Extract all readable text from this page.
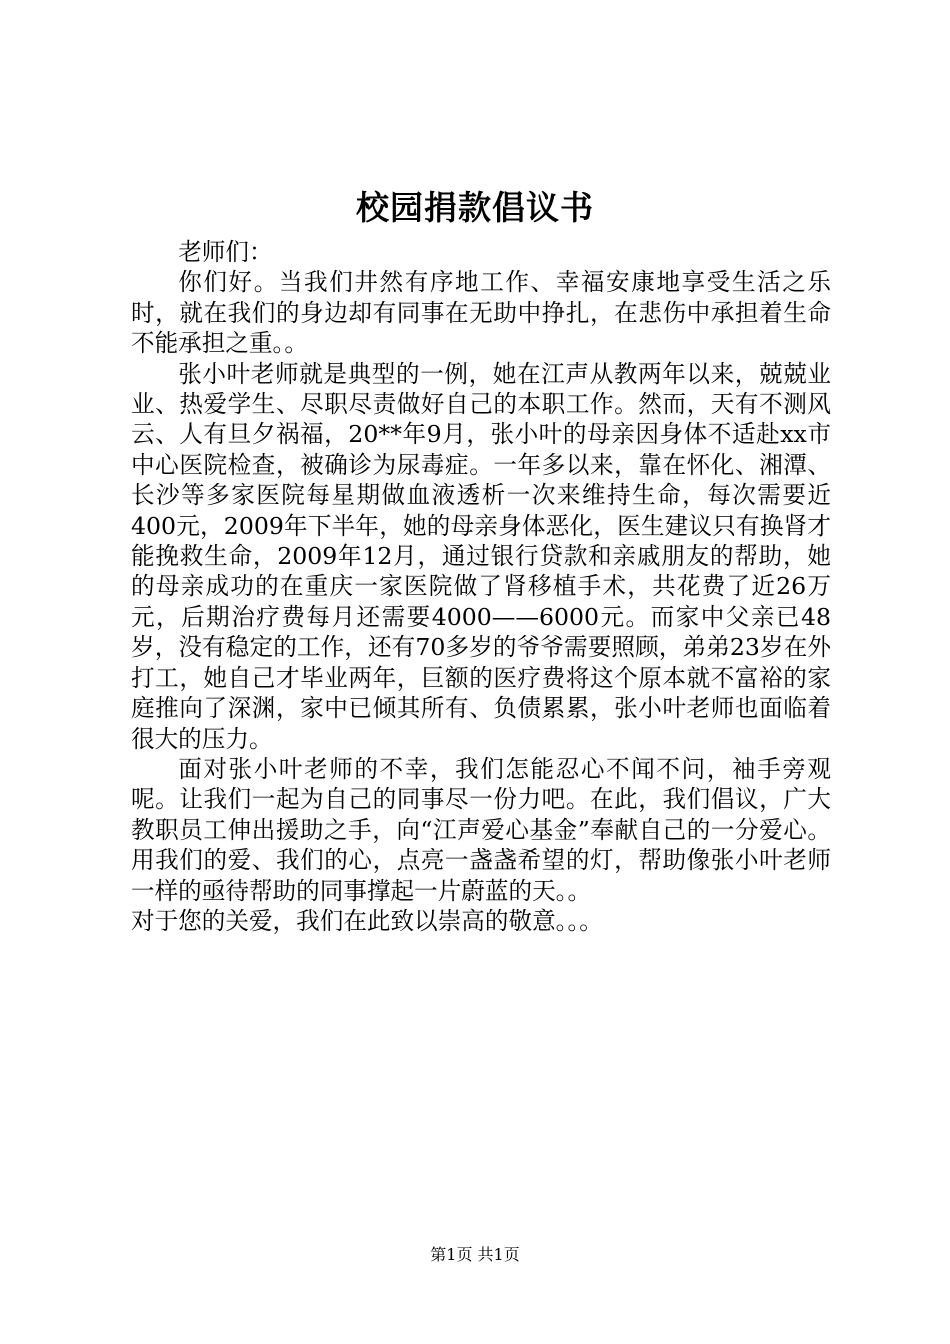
校园捐款倡议书

老师们：

你们好。当我们井然有序地工作、幸福安康地享受生活之乐时，就在我们的身边却有同事在无助中挣扎，在悲伤中承担着生命不能承担之重。。

张小叶老师就是典型的一例，她在江声从教两年以来，兢兢业业、热爱学生、尽职尽责做好自己的本职工作。然而，天有不测风云、人有旦夕祸福，20**年9月，张小叶的母亲因身体不适赴xx市中心医院检查，被确诊为尿毒症。一年多以来，靠在怀化、湘潭、长沙等多家医院每星期做血液透析一次来维持生命，每次需要近400元，2009年下半年，她的母亲身体恶化，医生建议只有换肾才能挽救生命，2009年12月，通过银行贷款和亲戚朋友的帮助，她的母亲成功的在重庆一家医院做了肾移植手术，共花费了近26万元，后期治疗费每月还需要4000——6000元。而家中父亲已48岁，没有稳定的工作，还有70多岁的爷爷需要照顾，弟弟23岁在外打工，她自己才毕业两年，巨额的医疗费将这个原本就不富裕的家庭推向了深渊，家中已倾其所有、负债累累，张小叶老师也面临着很大的压力。

面对张小叶老师的不幸，我们怎能忍心不闻不问，袖手旁观呢。让我们一起为自己的同事尽一份力吧。在此，我们倡议，广大教职员工伸出援助之手，向“江声爱心基金”奉献自己的一分爱心。用我们的爱、我们的心，点亮一盏盏希望的灯，帮助像张小叶老师一样的亟待帮助的同事撑起一片蔚蓝的天。。

对于您的关爱，我们在此致以崇高的敬意。。。

第1页 共1页
